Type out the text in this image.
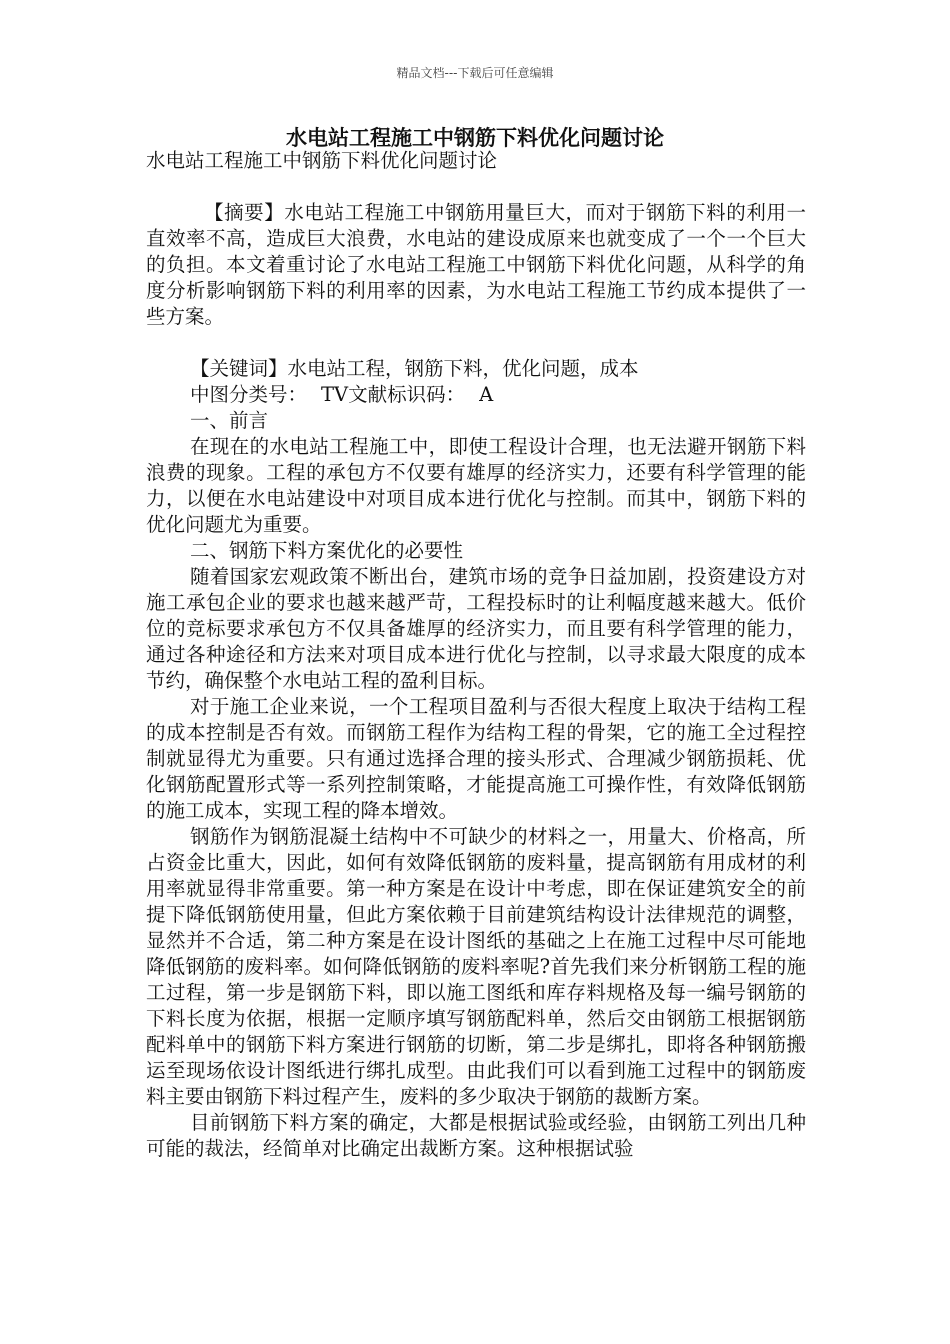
精品文档---下载后可任意编辑
水电站工程施工中钢筋下料优化问题讨论

水电站工程施工中钢筋下料优化问题讨论

【摘要】水电站工程施工中钢筋用量巨大，而对于钢筋下料的利用一直效率不高，造成巨大浪费，水电站的建设成原来也就变成了一个一个巨大的负担。本文着重讨论了水电站工程施工中钢筋下料优化问题，从科学的角度分析影响钢筋下料的利用率的因素，为水电站工程施工节约成本提供了一些方案。

【关键词】水电站工程，钢筋下料，优化问题，成本

中图分类号： TV文献标识码： A

一、前言

在现在的水电站工程施工中，即使工程设计合理，也无法避开钢筋下料浪费的现象。工程的承包方不仅要有雄厚的经济实力，还要有科学管理的能力，以便在水电站建设中对项目成本进行优化与控制。而其中，钢筋下料的优化问题尤为重要。

二、钢筋下料方案优化的必要性

随着国家宏观政策不断出台，建筑市场的竞争日益加剧，投资建设方对施工承包企业的要求也越来越严苛，工程投标时的让利幅度越来越大。低价位的竞标要求承包方不仅具备雄厚的经济实力，而且要有科学管理的能力，通过各种途径和方法来对项目成本进行优化与控制，以寻求最大限度的成本节约，确保整个水电站工程的盈利目标。

对于施工企业来说，一个工程项目盈利与否很大程度上取决于结构工程的成本控制是否有效。而钢筋工程作为结构工程的骨架，它的施工全过程控制就显得尤为重要。只有通过选择合理的接头形式、合理减少钢筋损耗、优化钢筋配置形式等一系列控制策略，才能提高施工可操作性，有效降低钢筋的施工成本，实现工程的降本增效。

钢筋作为钢筋混凝土结构中不可缺少的材料之一，用量大、价格高，所占资金比重大，因此，如何有效降低钢筋的废料量，提高钢筋有用成材的利用率就显得非常重要。第一种方案是在设计中考虑，即在保证建筑安全的前提下降低钢筋使用量，但此方案依赖于目前建筑结构设计法律规范的调整，显然并不合适，第二种方案是在设计图纸的基础之上在施工过程中尽可能地降低钢筋的废料率。如何降低钢筋的废料率呢?首先我们来分析钢筋工程的施工过程，第一步是钢筋下料，即以施工图纸和库存料规格及每一编号钢筋的下料长度为依据，根据一定顺序填写钢筋配料单，然后交由钢筋工根据钢筋配料单中的钢筋下料方案进行钢筋的切断，第二步是绑扎，即将各种钢筋搬运至现场依设计图纸进行绑扎成型。由此我们可以看到施工过程中的钢筋废料主要由钢筋下料过程产生，废料的多少取决于钢筋的裁断方案。

目前钢筋下料方案的确定，大都是根据试验或经验，由钢筋工列出几种可能的裁法，经简单对比确定出裁断方案。这种根据试验
